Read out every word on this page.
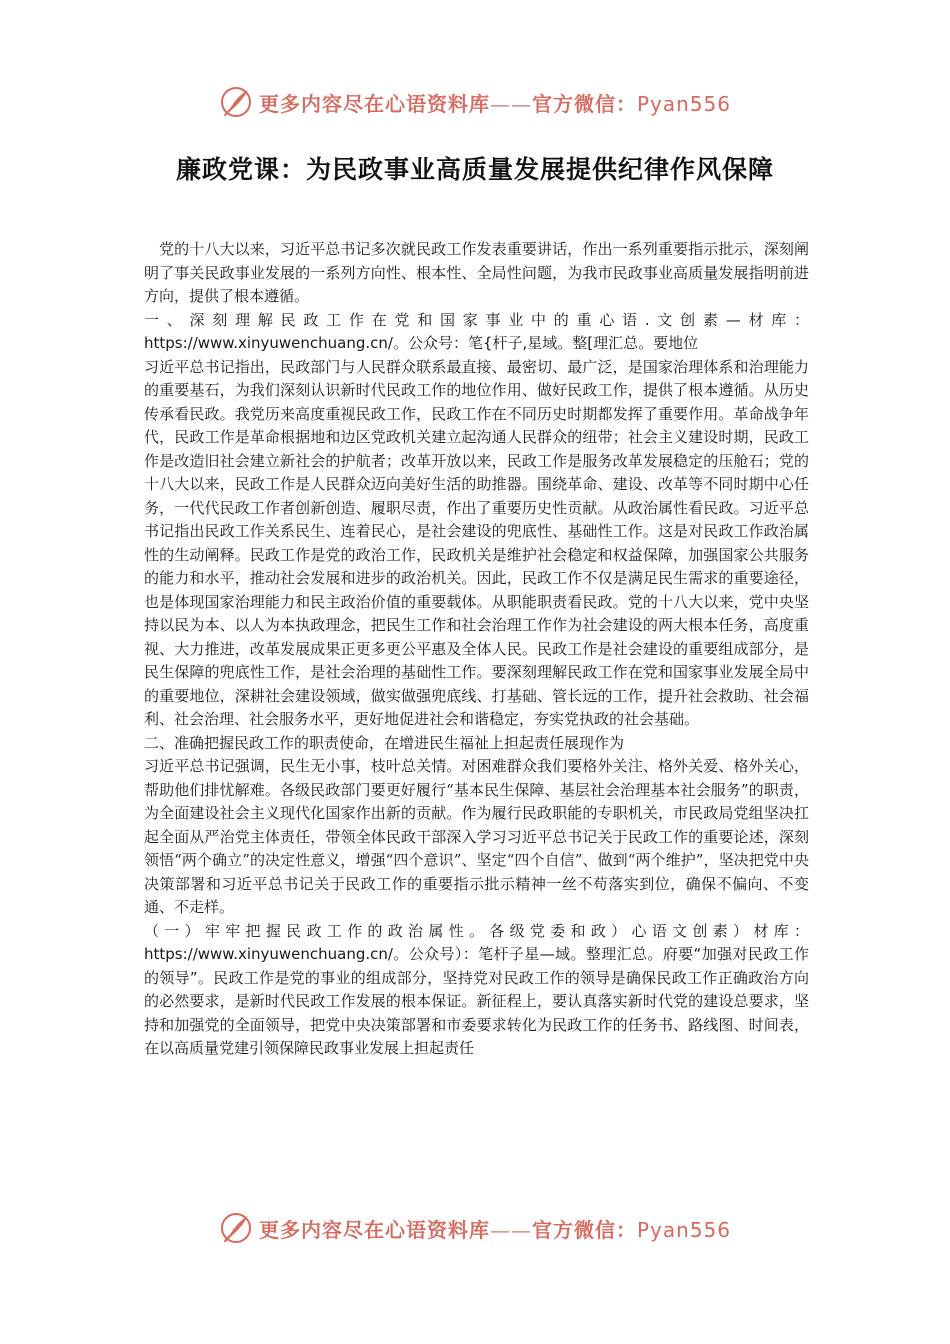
更多内容尽在心语资料库——官方微信：Pyan556
廉政党课：为民政事业高质量发展提供纪律作风保障

党的十八大以来，习近平总书记多次就民政工作发表重要讲话，作出一系列重要指示批示，深刻阐明了事关民政事业发展的一系列方向性、根本性、全局性问题，为我市民政事业高质量发展指明前进方向，提供了根本遵循。

一、深刻理解民政工作在党和国家事业中的重心语.文创素—材库：https://www.xinyuwenchuang.cn/。公众号：笔{杆子,星域。整[理汇总。要地位

习近平总书记指出，民政部门与人民群众联系最直接、最密切、最广泛，是国家治理体系和治理能力的重要基石，为我们深刻认识新时代民政工作的地位作用、做好民政工作，提供了根本遵循。从历史传承看民政。我党历来高度重视民政工作，民政工作在不同历史时期都发挥了重要作用。革命战争年代，民政工作是革命根据地和边区党政机关建立起沟通人民群众的纽带；社会主义建设时期，民政工作是改造旧社会建立新社会的护航者；改革开放以来，民政工作是服务改革发展稳定的压舱石；党的十八大以来，民政工作是人民群众迈向美好生活的助推器。围绕革命、建设、改革等不同时期中心任务，一代代民政工作者创新创造、履职尽责，作出了重要历史性贡献。从政治属性看民政。习近平总书记指出民政工作关系民生、连着民心，是社会建设的兜底性、基础性工作。这是对民政工作政治属性的生动阐释。民政工作是党的政治工作，民政机关是维护社会稳定和权益保障，加强国家公共服务的能力和水平，推动社会发展和进步的政治机关。因此，民政工作不仅是满足民生需求的重要途径，也是体现国家治理能力和民主政治价值的重要载体。从职能职责看民政。党的十八大以来，党中央坚持以民为本、以人为本执政理念，把民生工作和社会治理工作作为社会建设的两大根本任务，高度重视、大力推进，改革发展成果正更多更公平惠及全体人民。民政工作是社会建设的重要组成部分，是民生保障的兜底性工作，是社会治理的基础性工作。要深刻理解民政工作在党和国家事业发展全局中的重要地位，深耕社会建设领域，做实做强兜底线、打基础、管长远的工作，提升社会救助、社会福利、社会治理、社会服务水平，更好地促进社会和谐稳定，夯实党执政的社会基础。

二、准确把握民政工作的职责使命，在增进民生福祉上担起责任展现作为

习近平总书记强调，民生无小事，枝叶总关情。对困难群众我们要格外关注、格外关爱、格外关心，帮助他们排忧解难。各级民政部门要更好履行“基本民生保障、基层社会治理基本社会服务”的职责，为全面建设社会主义现代化国家作出新的贡献。作为履行民政职能的专职机关，市民政局党组坚决扛起全面从严治党主体责任，带领全体民政干部深入学习习近平总书记关于民政工作的重要论述，深刻领悟“两个确立”的决定性意义，增强“四个意识”、坚定“四个自信”、做到“两个维护”，坚决把党中央决策部署和习近平总书记关于民政工作的重要指示批示精神一丝不苟落实到位，确保不偏向、不变通、不走样。

（一）牢牢把握民政工作的政治属性。各级党委和政）心语文创素）材库：https://www.xinyuwenchuang.cn/。公众号）：笔杆子星—域。整理汇总。府要“加强对民政工作的领导”。民政工作是党的事业的组成部分，坚持党对民政工作的领导是确保民政工作正确政治方向的必然要求，是新时代民政工作发展的根本保证。新征程上，要认真落实新时代党的建设总要求，坚持和加强党的全面领导，把党中央决策部署和市委要求转化为民政工作的任务书、路线图、时间表，在以高质量党建引领保障民政事业发展上担起责任

更多内容尽在心语资料库——官方微信：Pyan556
